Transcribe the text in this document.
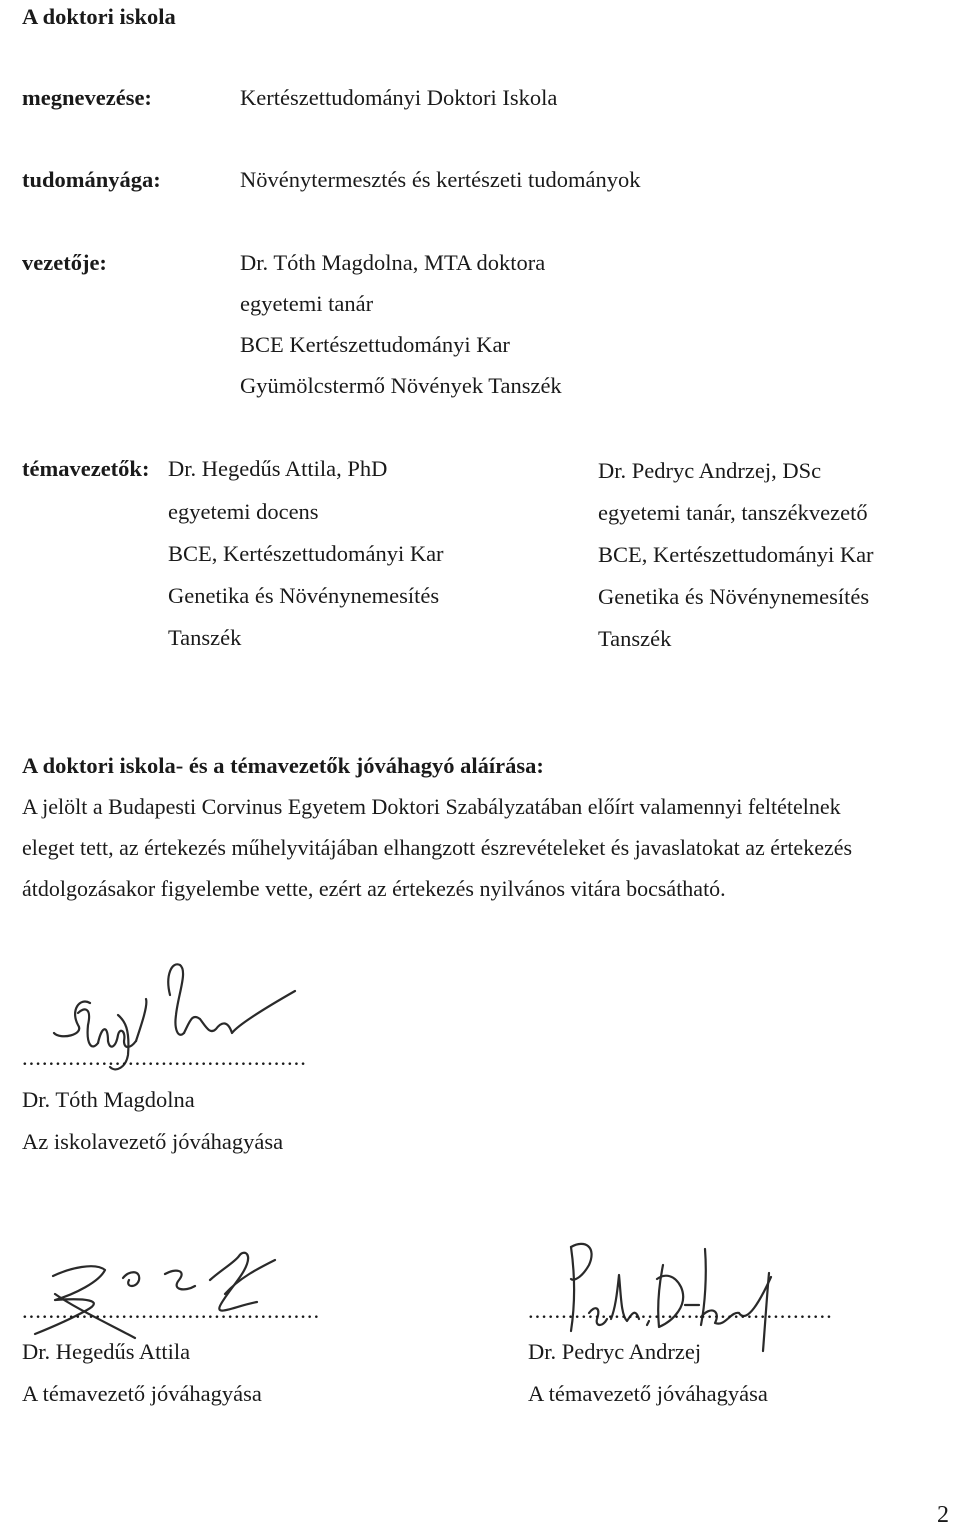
A doktori iskola
megnevezése:	Kertészettudományi Doktori Iskola
tudományága:	Növénytermesztés és kertészeti tudományok
vezetője:	Dr. Tóth Magdolna, MTA doktora
egyetemi tanár
BCE Kertészettudományi Kar
Gyümölcstermő Növények Tanszék
témavezetők: Dr. Hegedűs Attila, PhD
egyetemi docens
BCE, Kertészettudományi Kar
Genetika és Növénynemesítés
Tanszék
Dr. Pedryc Andrzej, DSc
egyetemi tanár, tanszékvezető
BCE, Kertészettudományi Kar
Genetika és Növénynemesítés
Tanszék
A doktori iskola- és a témavezetők jóváhagyó aláírása:
A jelölt a Budapesti Corvinus Egyetem Doktori Szabályzatában előírt valamennyi feltételnek
eleget tett, az értekezés műhelyvitájában elhangzott észrevételeket és javaslatokat az értekezés
átdolgozásakor figyelembe vette, ezért az értekezés nyilvános vitára bocsátható.
...........................................
Dr. Tóth Magdolna
Az iskolavezető jóváhagyása
.............................................
Dr. Hegedűs Attila
A témavezető jóváhagyása
..............................................
Dr. Pedryc Andrzej
A témavezető jóváhagyása
2
